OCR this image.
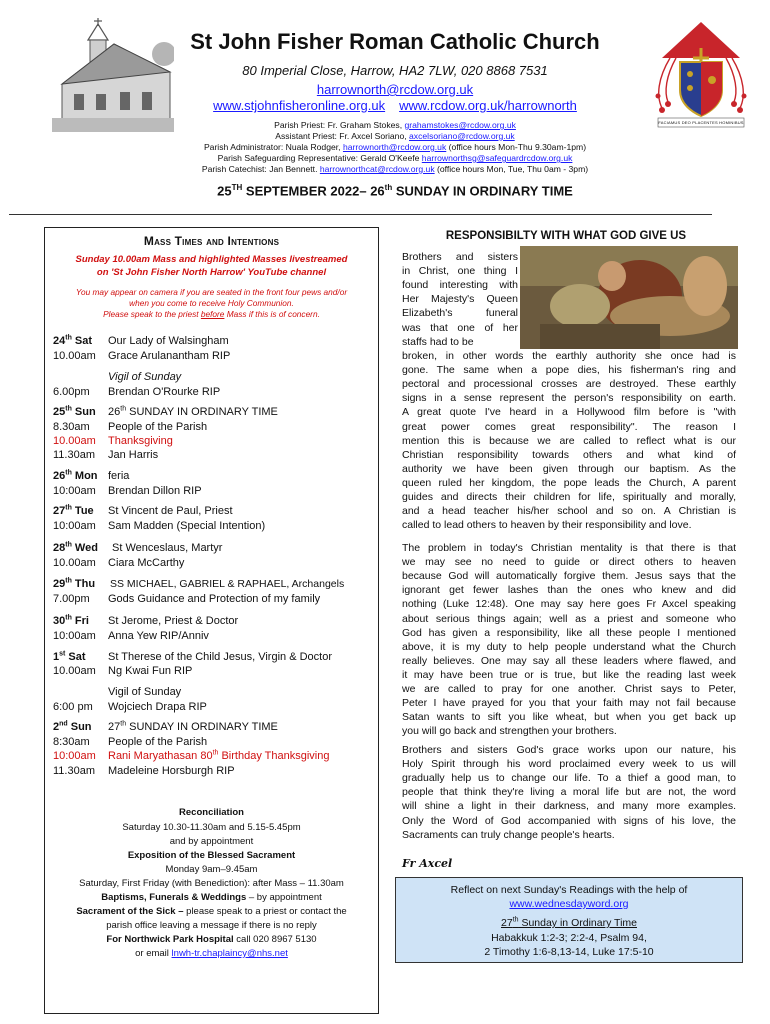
FACIAMUS DEO PLACENTES HOMINIBUS
St John Fisher Roman Catholic Church
80 Imperial Close, Harrow, HA2 7LW, 020 8868 7531
harrownorth@rcdow.org.uk
www.stjohnfisheronline.org.uk www.rcdow.org.uk/harrownorth
Parish Priest: Fr. Graham Stokes, grahamstokes@rcdow.org.uk
Assistant Priest: Fr. Axcel Soriano, axcelsoriano@rcdow.org.uk
Parish Administrator: Nuala Rodger, harrownorth@rcdow.org.uk (office hours Mon-Thu 9.30am-1pm)
Parish Safeguarding Representative: Gerald O'Keefe harrownorthsg@safeguardrcdow.org.uk
Parish Catechist: Jan Bennett. harrownorthcat@rcdow.org.uk (office hours Mon, Tue, Thu 0am - 3pm)
25TH SEPTEMBER 2022– 26th SUNDAY IN ORDINARY TIME
Mass Times and Intentions
Sunday 10.00am Mass and highlighted Masses livestreamed
on 'St John Fisher North Harrow' YouTube channel
You may appear on camera if you are seated in the front four pews and/or
when you come to receive Holy Communion.
Please speak to the priest before Mass if this is of concern.
24th Sat Our Lady of Walsingham
10.00am Grace Arulanantham RIP
Vigil of Sunday
6.00pm Brendan O'Rourke RIP
25th Sun 26th SUNDAY IN ORDINARY TIME
8.30am People of the Parish
10.00am Thanksgiving
11.30am Jan Harris
26th Mon feria
10:00am Brendan Dillon RIP
27th Tue St Vincent de Paul, Priest
10:00am Sam Madden (Special Intention)
28th Wed St Wenceslaus, Martyr
10.00am Ciara McCarthy
29th Thu SS MICHAEL, GABRIEL & RAPHAEL, Archangels
7.00pm Gods Guidance and Protection of my family
30th Fri St Jerome, Priest & Doctor
10:00am Anna Yew RIP/Anniv
1st Sat St Therese of the Child Jesus, Virgin & Doctor
10.00am Ng Kwai Fun RIP
Vigil of Sunday
6:00 pm Wojciech Drapa RIP
2nd Sun 27th SUNDAY IN ORDINARY TIME
8:30am People of the Parish
10:00am Rani Maryathasan 80th Birthday Thanksgiving
11.30am Madeleine Horsburgh RIP
Reconciliation
Saturday 10.30-11.30am and 5.15-5.45pm
and by appointment
Exposition of the Blessed Sacrament
Monday 9am–9.45am
Saturday, First Friday (with Benediction): after Mass – 11.30am
Baptisms, Funerals & Weddings – by appointment
Sacrament of the Sick – please speak to a priest or contact the
parish office leaving a message if there is no reply
For Northwick Park Hospital call 020 8967 5130
or email lnwh-tr.chaplaincy@nhs.net
RESPONSIBILTY WITH WHAT GOD GIVE US
Brothers and sisters
in Christ, one thing I
found interesting with
Her Majesty's Queen
Elizabeth's funeral
was that one of her
staffs had to be
broken, in other words the earthly authority she once had is
gone. The same when a pope dies, his fisherman's ring and
pectoral and processional crosses are destroyed. These earthly
signs in a sense represent the person's responsibility on earth.
A great quote I've heard in a Hollywood film before is "with
great power comes great responsibility". The reason I
mention this is because we are called to reflect what is our
Christian responsibility towards others and what kind of
authority we have been given through our baptism. As the
queen ruled her kingdom, the pope leads the Church, A parent
guides and directs their children for life, spiritually and morally,
and a head teacher his/her school and so on. A Christian is
called to lead others to heaven by their responsibility and love.
The problem in today's Christian mentality is that there is that
we may see no need to guide or direct others to heaven
because God will automatically forgive them. Jesus says that the
ignorant get fewer lashes than the ones who knew and did
nothing (Luke 12:48). One may say here goes Fr Axcel speaking
about serious things again; well as a priest and someone who
God has given a responsibility, like all these people I mentioned
above, it is my duty to help people understand what the Church
really believes. One may say all these leaders where flawed, and
it may have been true or is true, but like the reading last week
we are called to pray for one another. Christ says to Peter,
Peter I have prayed for you that your faith may not fail because
Satan wants to sift you like wheat, but when you get back up
you will go back and strengthen your brothers.
Brothers and sisters God's grace works upon our nature, his
Holy Spirit through his word proclaimed every week to us will
gradually help us to change our life. To a thief a good man, to
people that think they're living a moral life but are not, the word
will shine a light in their darkness, and many more examples.
Only the Word of God accompanied with signs of his love, the
Sacraments can truly change people's hearts.
Fr Axcel
Reflect on next Sunday's Readings with the help of
www.wednesdayword.org
27th Sunday in Ordinary Time
Habakkuk 1:2-3; 2:2-4, Psalm 94,
2 Timothy 1:6-8,13-14, Luke 17:5-10
